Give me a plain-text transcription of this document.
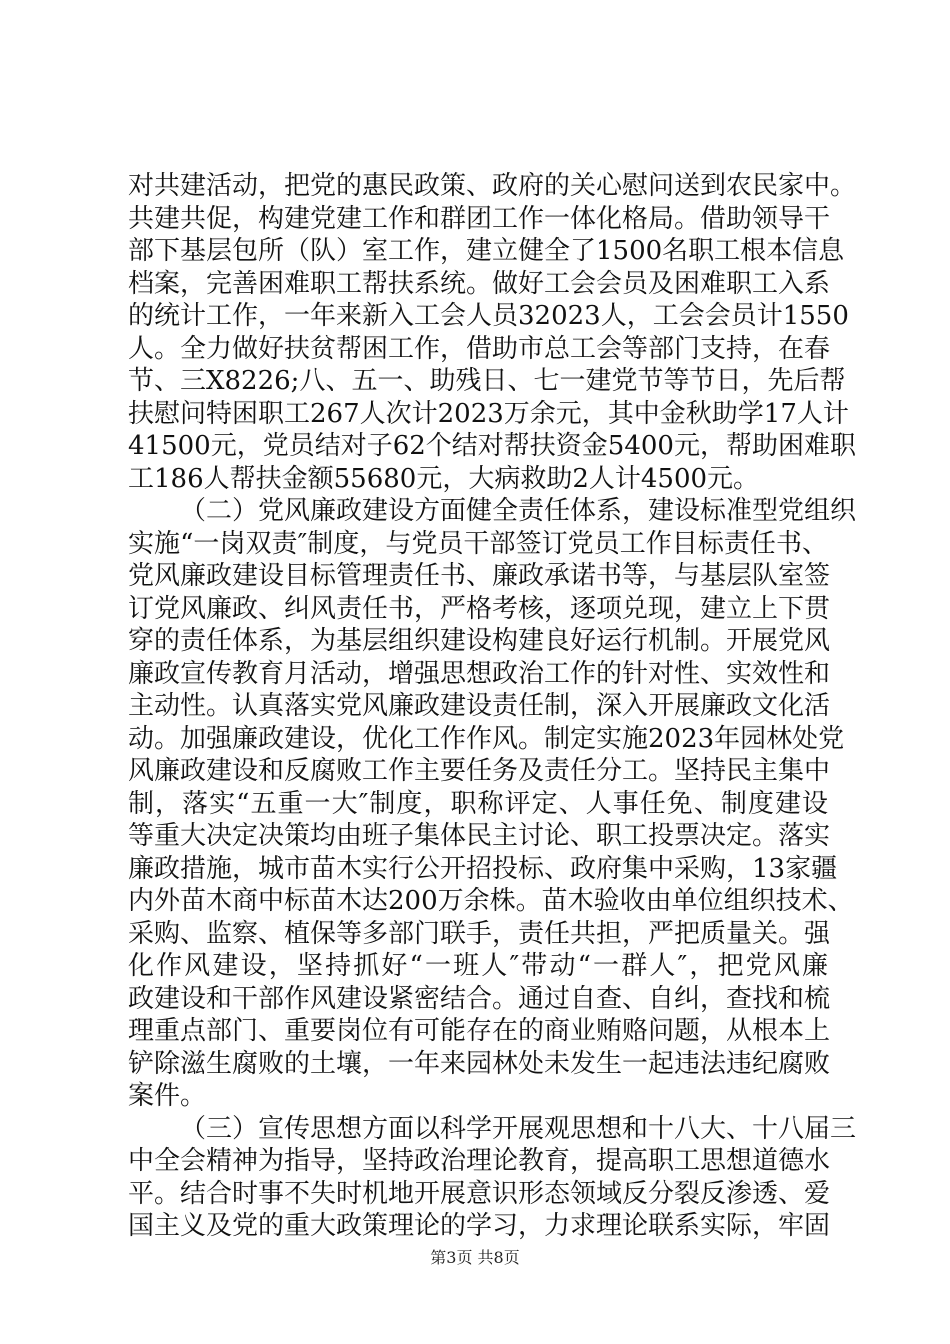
对共建活动，把党的惠民政策、政府的关心慰问送到农民家中。
共建共促，构建党建工作和群团工作一体化格局。借助领导干
部下基层包所（队）室工作，建立健全了1500名职工根本信息
档案，完善困难职工帮扶系统。做好工会会员及困难职工入系
的统计工作，一年来新入工会人员32023人，工会会员计1550
人。全力做好扶贫帮困工作，借助市总工会等部门支持，在春
节、三X8226;八、五一、助残日、七一建党节等节日，先后帮
扶慰问特困职工267人次计2023万余元，其中金秋助学17人计
41500元，党员结对子62个结对帮扶资金5400元，帮助困难职
工186人帮扶金额55680元，大病救助2人计4500元。

（二）党风廉政建设方面健全责任体系，建设标准型党组织
实施“一岗双责″制度，与党员干部签订党员工作目标责任书、
党风廉政建设目标管理责任书、廉政承诺书等，与基层队室签
订党风廉政、纠风责任书，严格考核，逐项兑现，建立上下贯
穿的责任体系，为基层组织建设构建良好运行机制。开展党风
廉政宣传教育月活动，增强思想政治工作的针对性、实效性和
主动性。认真落实党风廉政建设责任制，深入开展廉政文化活
动。加强廉政建设，优化工作作风。制定实施2023年园林处党
风廉政建设和反腐败工作主要任务及责任分工。坚持民主集中
制，落实“五重一大″制度，职称评定、人事任免、制度建设
等重大决定决策均由班子集体民主讨论、职工投票决定。落实
廉政措施，城市苗木实行公开招投标、政府集中采购，13家疆
内外苗木商中标苗木达200万余株。苗木验收由单位组织技术、
采购、监察、植保等多部门联手，责任共担，严把质量关。强
化作风建设，坚持抓好“一班人″带动“一群人″，把党风廉
政建设和干部作风建设紧密结合。通过自查、自纠，查找和梳
理重点部门、重要岗位有可能存在的商业贿赂问题，从根本上
铲除滋生腐败的土壤，一年来园林处未发生一起违法违纪腐败
案件。

（三）宣传思想方面以科学开展观思想和十八大、十八届三
中全会精神为指导，坚持政治理论教育，提高职工思想道德水
平。结合时事不失时机地开展意识形态领域反分裂反渗透、爱
国主义及党的重大政策理论的学习，力求理论联系实际，牢固

第3页 共8页
